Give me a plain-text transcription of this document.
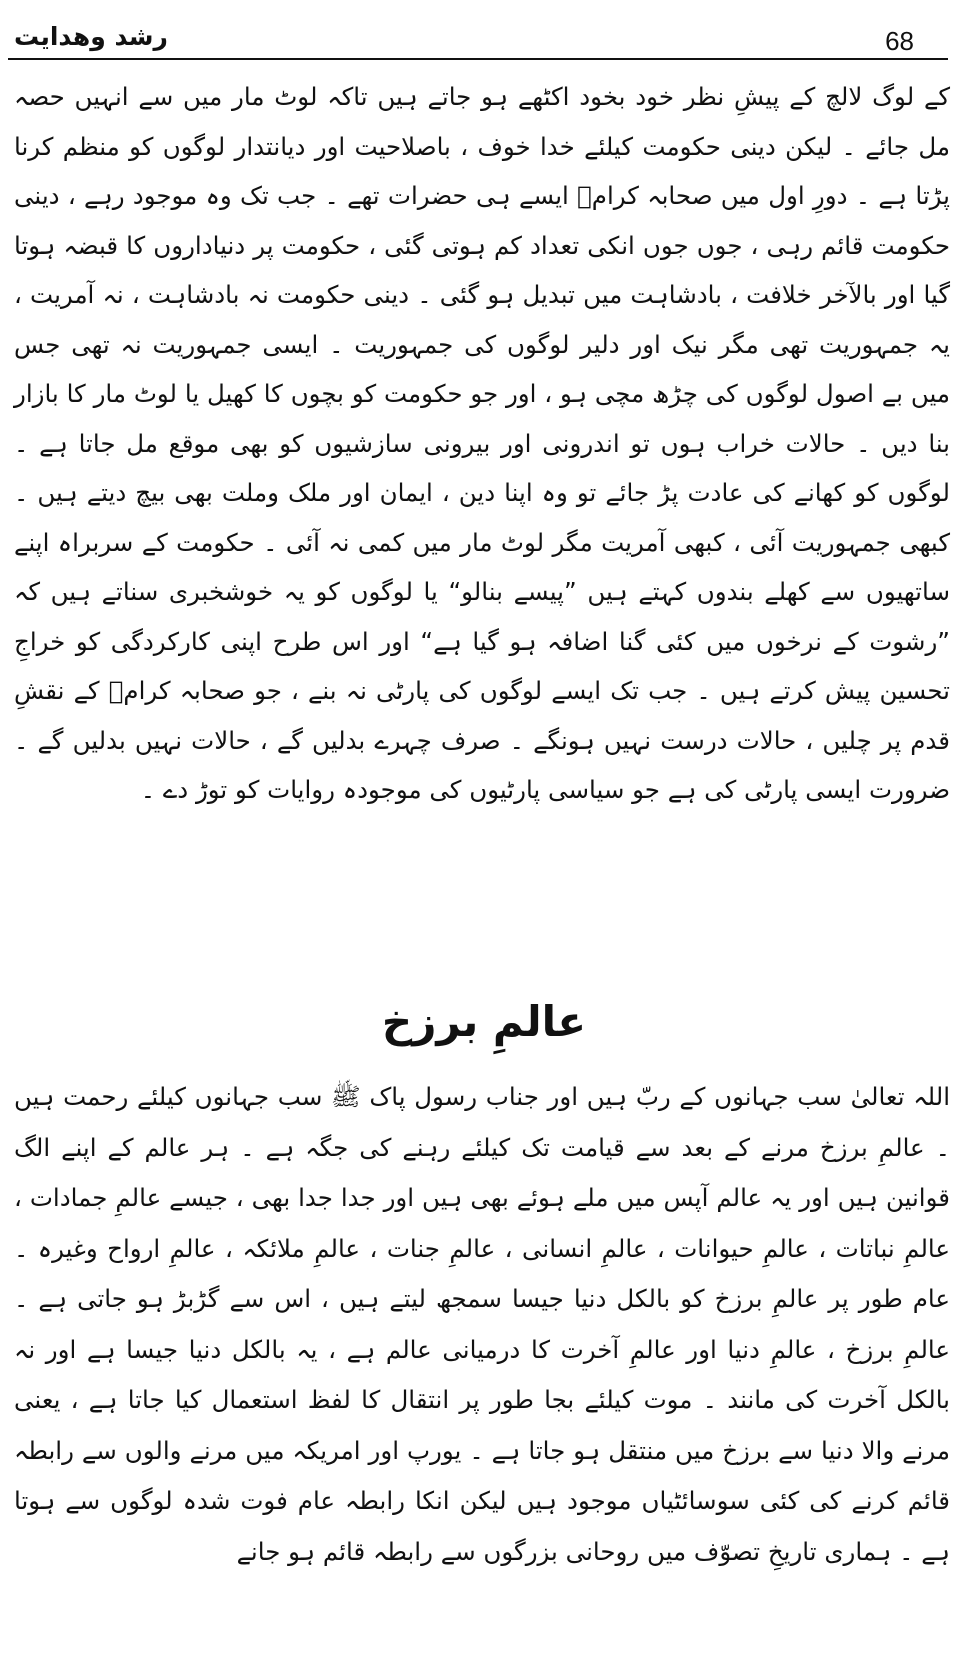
رشد وھدایت	68
کے لوگ لالچ کے پیشِ نظر خود بخود اکٹھے ہو جاتے ہیں تاکہ لوٹ مار میں سے انہیں حصہ مل جائے ۔ لیکن دینی حکومت کیلئے خدا خوف ، باصلاحیت اور دیانتدار لوگوں کو منظم کرنا پڑتا ہے ۔ دورِ اول میں صحابہ کرامؓ ایسے ہی حضرات تھے ۔ جب تک وہ موجود رہے ، دینی حکومت قائم رہی ، جوں جوں انکی تعداد کم ہوتی گئی ، حکومت پر دنیاداروں کا قبضہ ہوتا گیا اور بالآخر خلافت ، بادشاہت میں تبدیل ہو گئی ۔ دینی حکومت نہ بادشاہت ، نہ آمریت ، یہ جمہوریت تھی مگر نیک اور دلیر لوگوں کی جمہوریت ۔ ایسی جمہوریت نہ تھی جس میں بے اصول لوگوں کی چڑھ مچی ہو ، اور جو حکومت کو بچوں کا کھیل یا لوٹ مار کا بازار بنا دیں ۔ حالات خراب ہوں تو اندرونی اور بیرونی سازشیوں کو بھی موقع مل جاتا ہے ۔ لوگوں کو کھانے کی عادت پڑ جائے تو وہ اپنا دین ، ایمان اور ملک وملت بھی بیچ دیتے ہیں ۔ کبھی جمہوریت آئی ، کبھی آمریت مگر لوٹ مار میں کمی نہ آئی ۔ حکومت کے سربراہ اپنے ساتھیوں سے کھلے بندوں کہتے ہیں ”پیسے بنالو“ یا لوگوں کو یہ خوشخبری سناتے ہیں کہ ”رشوت کے نرخوں میں کئی گنا اضافہ ہو گیا ہے“ اور اس طرح اپنی کارکردگی کو خراجِ تحسین پیش کرتے ہیں ۔ جب تک ایسے لوگوں کی پارٹی نہ بنے ، جو صحابہ کرامؓ کے نقشِ قدم پر چلیں ، حالات درست نہیں ہونگے ۔ صرف چہرے بدلیں گے ، حالات نہیں بدلیں گے ۔ ضرورت ایسی پارٹی کی ہے جو سیاسی پارٹیوں کی موجودہ روایات کو توڑ دے ۔
عالمِ برزخ
اللہ تعالیٰ سب جہانوں کے ربّ ہیں اور جناب رسول پاک ﷺ سب جہانوں کیلئے رحمت ہیں ۔ عالمِ برزخ مرنے کے بعد سے قیامت تک کیلئے رہنے کی جگہ ہے ۔ ہر عالم کے اپنے الگ قوانین ہیں اور یہ عالم آپس میں ملے ہوئے بھی ہیں اور جدا جدا بھی ، جیسے عالمِ جمادات ، عالمِ نباتات ، عالمِ حیوانات ، عالمِ انسانی ، عالمِ جنات ، عالمِ ملائکہ ، عالمِ ارواح وغیرہ ۔ عام طور پر عالمِ برزخ کو بالکل دنیا جیسا سمجھ لیتے ہیں ، اس سے گڑبڑ ہو جاتی ہے ۔ عالمِ برزخ ، عالمِ دنیا اور عالمِ آخرت کا درمیانی عالم ہے ، یہ بالکل دنیا جیسا ہے اور نہ بالکل آخرت کی مانند ۔ موت کیلئے بجا طور پر انتقال کا لفظ استعمال کیا جاتا ہے ، یعنی مرنے والا دنیا سے برزخ میں منتقل ہو جاتا ہے ۔ یورپ اور امریکہ میں مرنے والوں سے رابطہ قائم کرنے کی کئی سوسائٹیاں موجود ہیں لیکن انکا رابطہ عام فوت شدہ لوگوں سے ہوتا ہے ۔ ہماری تاریخِ تصوّف میں روحانی بزرگوں سے رابطہ قائم ہو جانے
